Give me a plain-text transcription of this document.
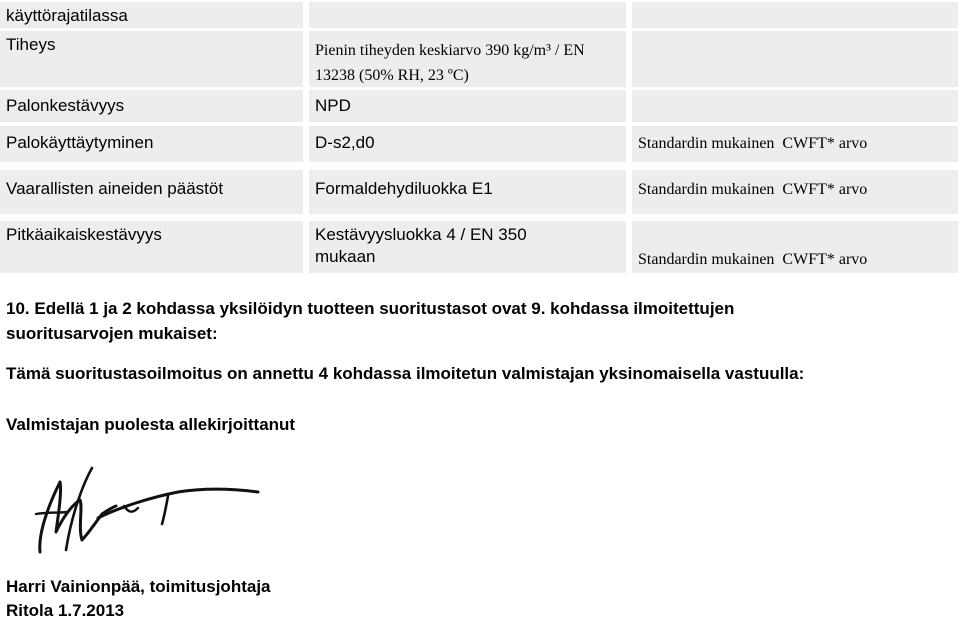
käyttörajatilassa
Tiheys	Pienin tiheyden keskiarvo 390 kg/m³ / EN 13238 (50% RH, 23 ºC)
Palonkestävyys	NPD
Palokäyttäytyminen	D-s2,d0	Standardin mukainen  CWFT* arvo
Vaarallisten aineiden päästöt	Formaldehydiluokka E1	Standardin mukainen  CWFT* arvo
Pitkäaikaiskestävyys	Kestävyysluokka 4 / EN 350 mukaan	Standardin mukainen  CWFT* arvo
10. Edellä 1 ja 2 kohdassa yksilöidyn tuotteen suoritustasot ovat 9. kohdassa ilmoitettujen suoritusarvojen mukaiset:
Tämä suoritustasoilmoitus on annettu 4 kohdassa ilmoitetun valmistajan yksinomaisella vastuulla:
Valmistajan puolesta allekirjoittanut
Harri Vainionpää, toimitusjohtaja
Ritola 1.7.2013
